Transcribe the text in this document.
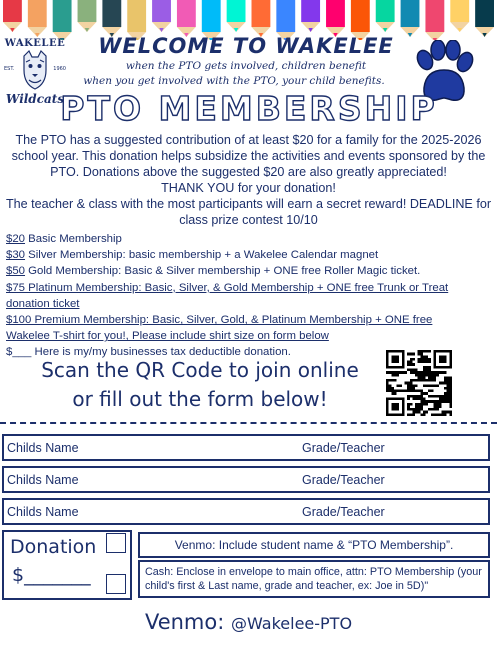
WAKELEE
EST.	1960
Wildcats
WELCOME TO WAKELEE
when the PTO gets involved, children benefit
when you get involved with the PTO, your child benefits.
PTO MEMBERSHIP
The PTO has a suggested contribution of at least $20 for a family for the 2025-2026 school year. This donation helps subsidize the activities and events sponsored by the PTO. Donations above the suggested $20 are also greatly appreciated!
THANK YOU for your donation!
The teacher & class with the most participants will earn a secret reward! DEADLINE for class prize contest 10/10
$20 Basic Membership
$30 Silver Membership: basic membership + a Wakelee Calendar magnet
$50 Gold Membership: Basic & Silver membership + ONE free Roller Magic ticket.
$75 Platinum Membership: Basic, Silver, & Gold Membership + ONE free Trunk or Treat
donation ticket
$100 Premium Membership: Basic, Silver, Gold, & Platinum Membership + ONE free
Wakelee T-shirt for you!, Please include shirt size on form below
$___ Here is my/my businesses tax deductible donation.
Scan the QR Code to join online
or fill out the form below!
Childs Name	Grade/Teacher
Childs Name	Grade/Teacher
Childs Name	Grade/Teacher
Donation
$_______
Venmo: Include student name & “PTO Membership”.
Cash: Enclose in envelope to main office, attn: PTO Membership (your child's first & Last name, grade and teacher, ex: Joe in 5D)"
Venmo: @Wakelee-PTO
